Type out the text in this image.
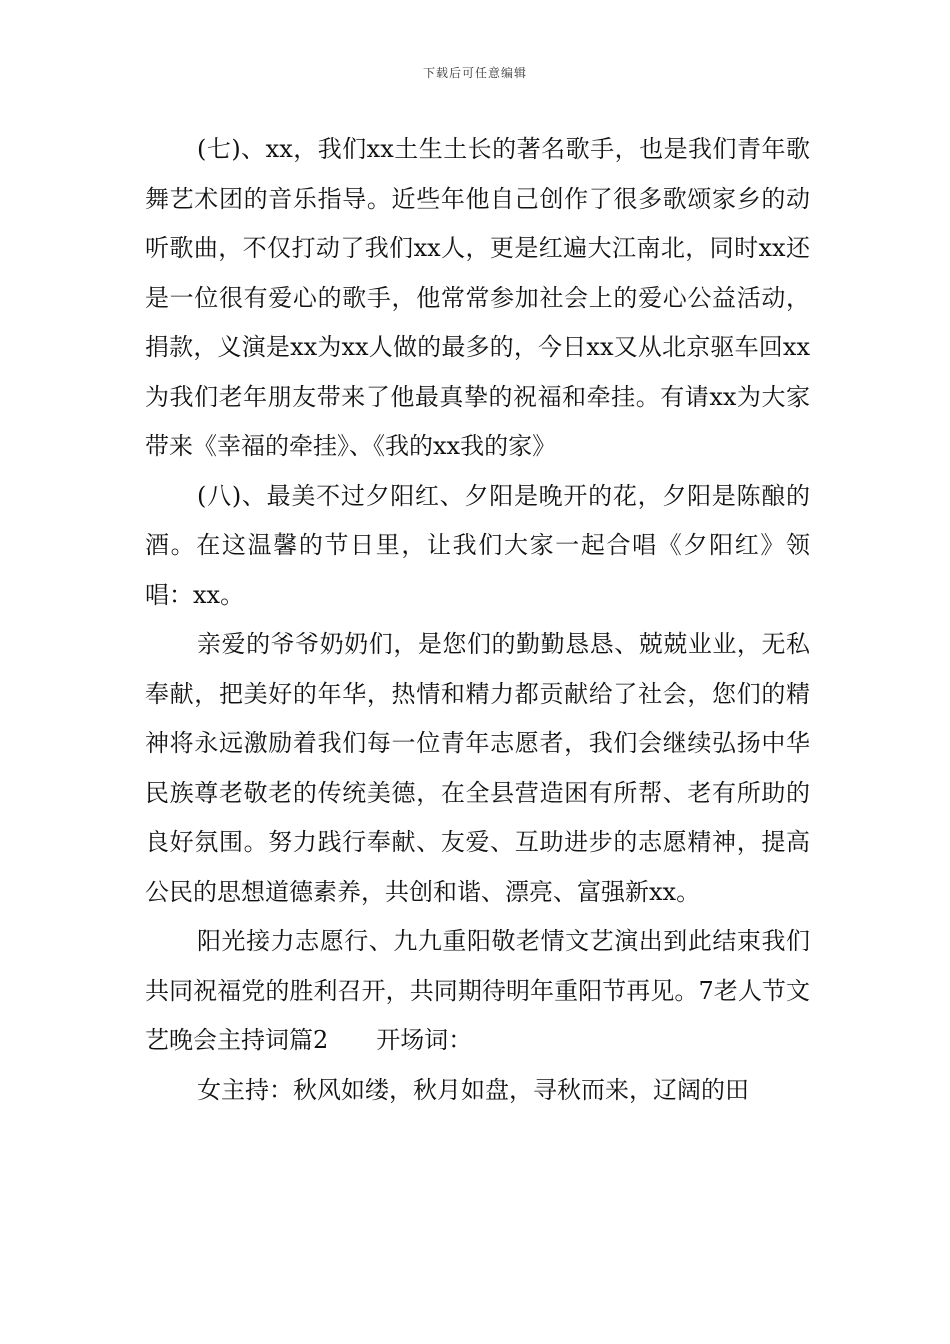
下载后可任意编辑

(七)、xx，我们xx土生土长的著名歌手，也是我们青年歌舞艺术团的音乐指导。近些年他自己创作了很多歌颂家乡的动听歌曲，不仅打动了我们xx人，更是红遍大江南北，同时xx还是一位很有爱心的歌手，他常常参加社会上的爱心公益活动，捐款，义演是xx为xx人做的最多的，今日xx又从北京驱车回xx为我们老年朋友带来了他最真挚的祝福和牵挂。有请xx为大家带来《幸福的牵挂》、《我的xx我的家》

(八)、最美不过夕阳红、夕阳是晚开的花，夕阳是陈酿的酒。在这温馨的节日里，让我们大家一起合唱《夕阳红》领唱：xx。

亲爱的爷爷奶奶们，是您们的勤勤恳恳、兢兢业业，无私奉献，把美好的年华，热情和精力都贡献给了社会，您们的精神将永远激励着我们每一位青年志愿者，我们会继续弘扬中华民族尊老敬老的传统美德，在全县营造困有所帮、老有所助的良好氛围。努力践行奉献、友爱、互助进步的志愿精神，提高公民的思想道德素养，共创和谐、漂亮、富强新xx。

阳光接力志愿行、九九重阳敬老情文艺演出到此结束我们共同祝福党的胜利召开，共同期待明年重阳节再见。7老人节文艺晚会主持词篇2　　开场词：

女主持：秋风如缕，秋月如盘，寻秋而来，辽阔的田
